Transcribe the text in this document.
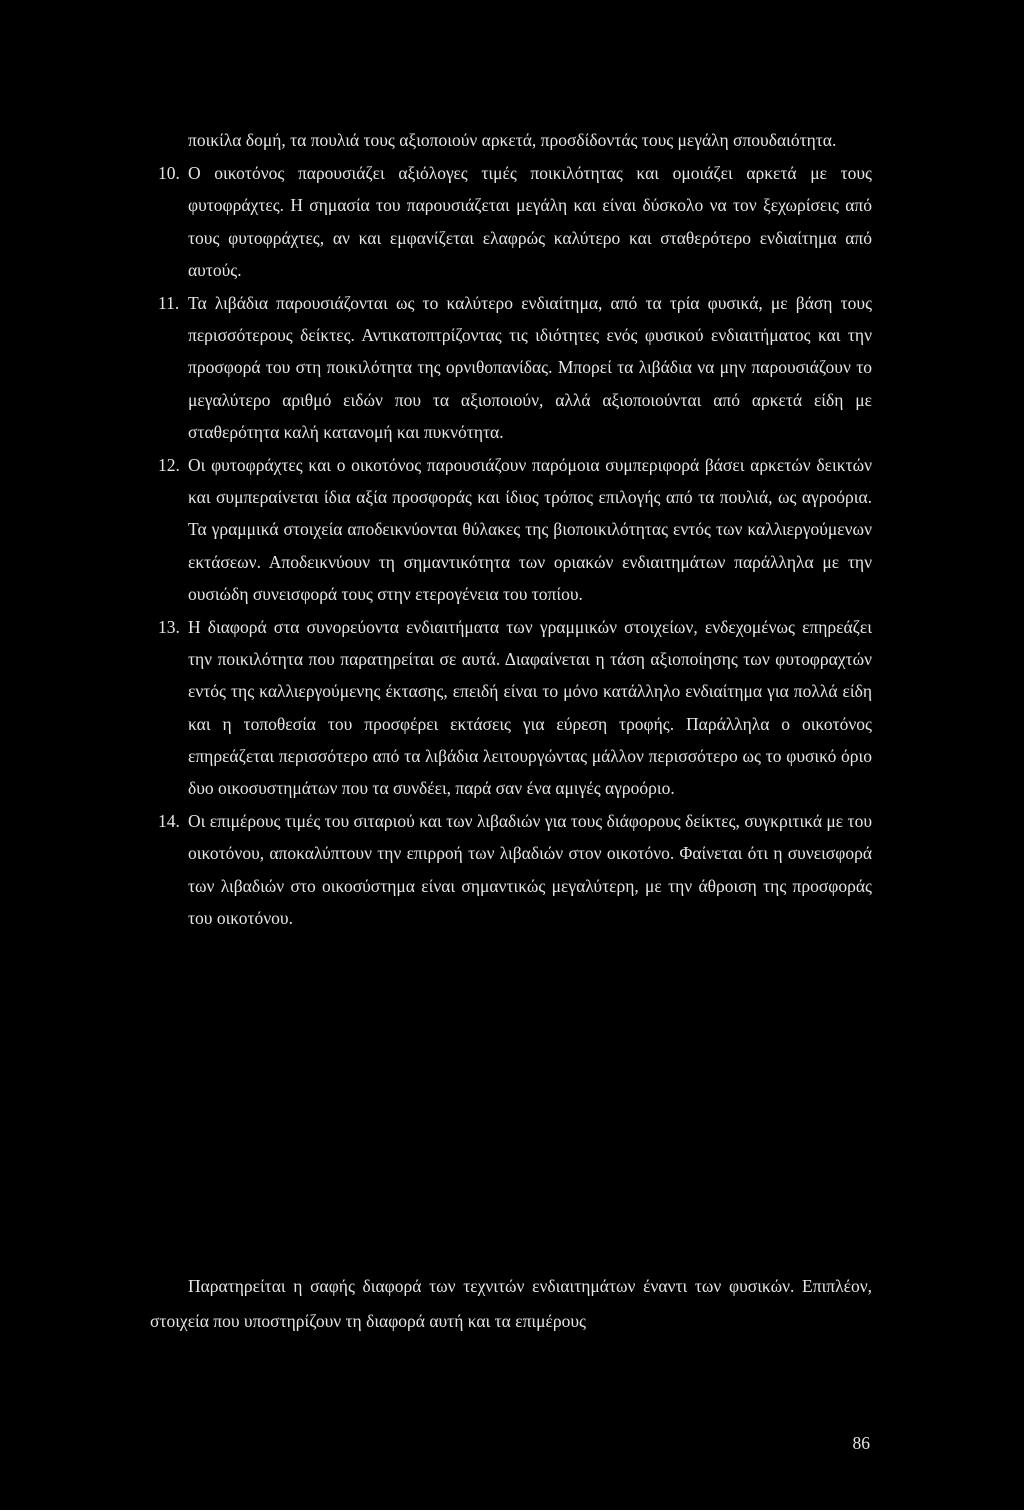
ποικίλα δομή, τα πουλιά τους αξιοποιούν αρκετά, προσδίδοντάς τους μεγάλη σπουδαιότητα.
10. Ο οικοτόνος παρουσιάζει αξιόλογες τιμές ποικιλότητας και ομοιάζει αρκετά με τους φυτοφράχτες. Η σημασία του παρουσιάζεται μεγάλη και είναι δύσκολο να τον ξεχωρίσεις από τους φυτοφράχτες, αν και εμφανίζεται ελαφρώς καλύτερο και σταθερότερο ενδιαίτημα από αυτούς.
11. Τα λιβάδια παρουσιάζονται ως το καλύτερο ενδιαίτημα, από τα τρία φυσικά, με βάση τους περισσότερους δείκτες. Αντικατοπτρίζοντας τις ιδιότητες ενός φυσικού ενδιαιτήματος και την προσφορά του στη ποικιλότητα της ορνιθοπανίδας. Μπορεί τα λιβάδια να μην παρουσιάζουν το μεγαλύτερο αριθμό ειδών που τα αξιοποιούν, αλλά αξιοποιούνται από αρκετά είδη με σταθερότητα καλή κατανομή και πυκνότητα.
12. Οι φυτοφράχτες και ο οικοτόνος παρουσιάζουν παρόμοια συμπεριφορά βάσει αρκετών δεικτών και συμπεραίνεται ίδια αξία προσφοράς και ίδιος τρόπος επιλογής από τα πουλιά, ως αγροόρια. Τα γραμμικά στοιχεία αποδεικνύονται θύλακες της βιοποικιλότητας εντός των καλλιεργούμενων εκτάσεων. Αποδεικνύουν τη σημαντικότητα των οριακών ενδιαιτημάτων παράλληλα με την ουσιώδη συνεισφορά τους στην ετερογένεια του τοπίου.
13. Η διαφορά στα συνορεύοντα ενδιαιτήματα των γραμμικών στοιχείων, ενδεχομένως επηρεάζει την ποικιλότητα που παρατηρείται σε αυτά. Διαφαίνεται η τάση αξιοποίησης των φυτοφραχτών εντός της καλλιεργούμενης έκτασης, επειδή είναι το μόνο κατάλληλο ενδιαίτημα για πολλά είδη και η τοποθεσία του προσφέρει εκτάσεις για εύρεση τροφής. Παράλληλα ο οικοτόνος επηρεάζεται περισσότερο από τα λιβάδια λειτουργώντας μάλλον περισσότερο ως το φυσικό όριο δυο οικοσυστημάτων που τα συνδέει, παρά σαν ένα αμιγές αγροόριο.
14. Οι επιμέρους τιμές του σιταριού και των λιβαδιών για τους διάφορους δείκτες, συγκριτικά με του οικοτόνου, αποκαλύπτουν την επιρροή των λιβαδιών στον οικοτόνο. Φαίνεται ότι η συνεισφορά των λιβαδιών στο οικοσύστημα είναι σημαντικώς μεγαλύτερη, με την άθροιση της προσφοράς του οικοτόνου.
Παρατηρείται η σαφής διαφορά των τεχνιτών ενδιαιτημάτων έναντι των φυσικών. Επιπλέον, στοιχεία που υποστηρίζουν τη διαφορά αυτή και τα επιμέρους
86
